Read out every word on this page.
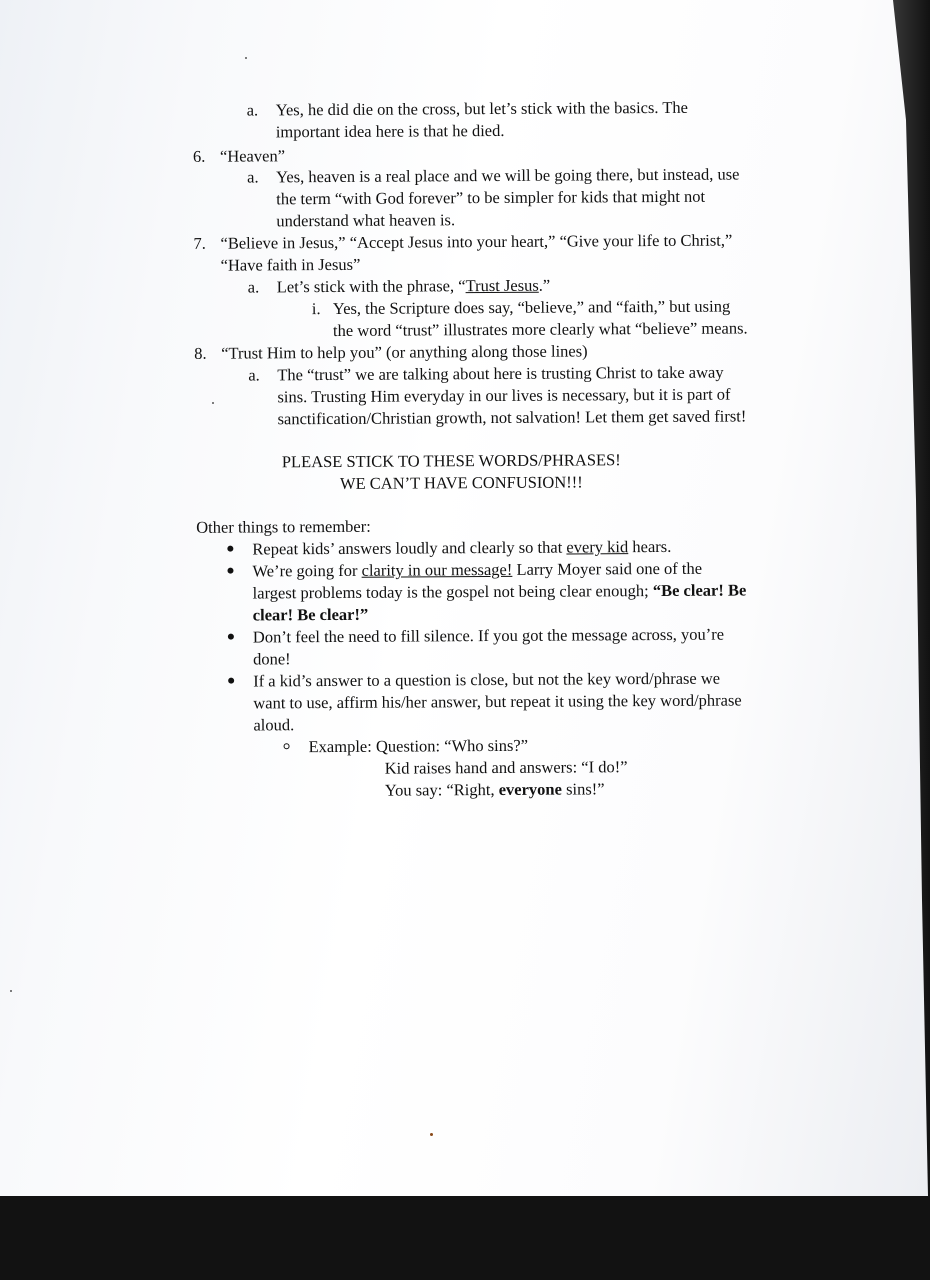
a. Yes, he did die on the cross, but let’s stick with the basics. The
important idea here is that he died.
6. “Heaven”
a. Yes, heaven is a real place and we will be going there, but instead, use
the term “with God forever” to be simpler for kids that might not
understand what heaven is.
7. “Believe in Jesus,” “Accept Jesus into your heart,” “Give your life to Christ,”
“Have faith in Jesus”
a. Let’s stick with the phrase, “Trust Jesus.”
i. Yes, the Scripture does say, “believe,” and “faith,” but using
the word “trust” illustrates more clearly what “believe” means.
8. “Trust Him to help you” (or anything along those lines)
a. The “trust” we are talking about here is trusting Christ to take away
sins. Trusting Him everyday in our lives is necessary, but it is part of
sanctification/Christian growth, not salvation! Let them get saved first!
PLEASE STICK TO THESE WORDS/PHRASES!
WE CAN’T HAVE CONFUSION!!!
Other things to remember:
Repeat kids’ answers loudly and clearly so that every kid hears.
We’re going for clarity in our message! Larry Moyer said one of the
largest problems today is the gospel not being clear enough; “Be clear! Be
clear! Be clear!”
Don’t feel the need to fill silence. If you got the message across, you’re
done!
If a kid’s answer to a question is close, but not the key word/phrase we
want to use, affirm his/her answer, but repeat it using the key word/phrase
aloud.
Example: Question: “Who sins?”
Kid raises hand and answers: “I do!”
You say: “Right, everyone sins!”
